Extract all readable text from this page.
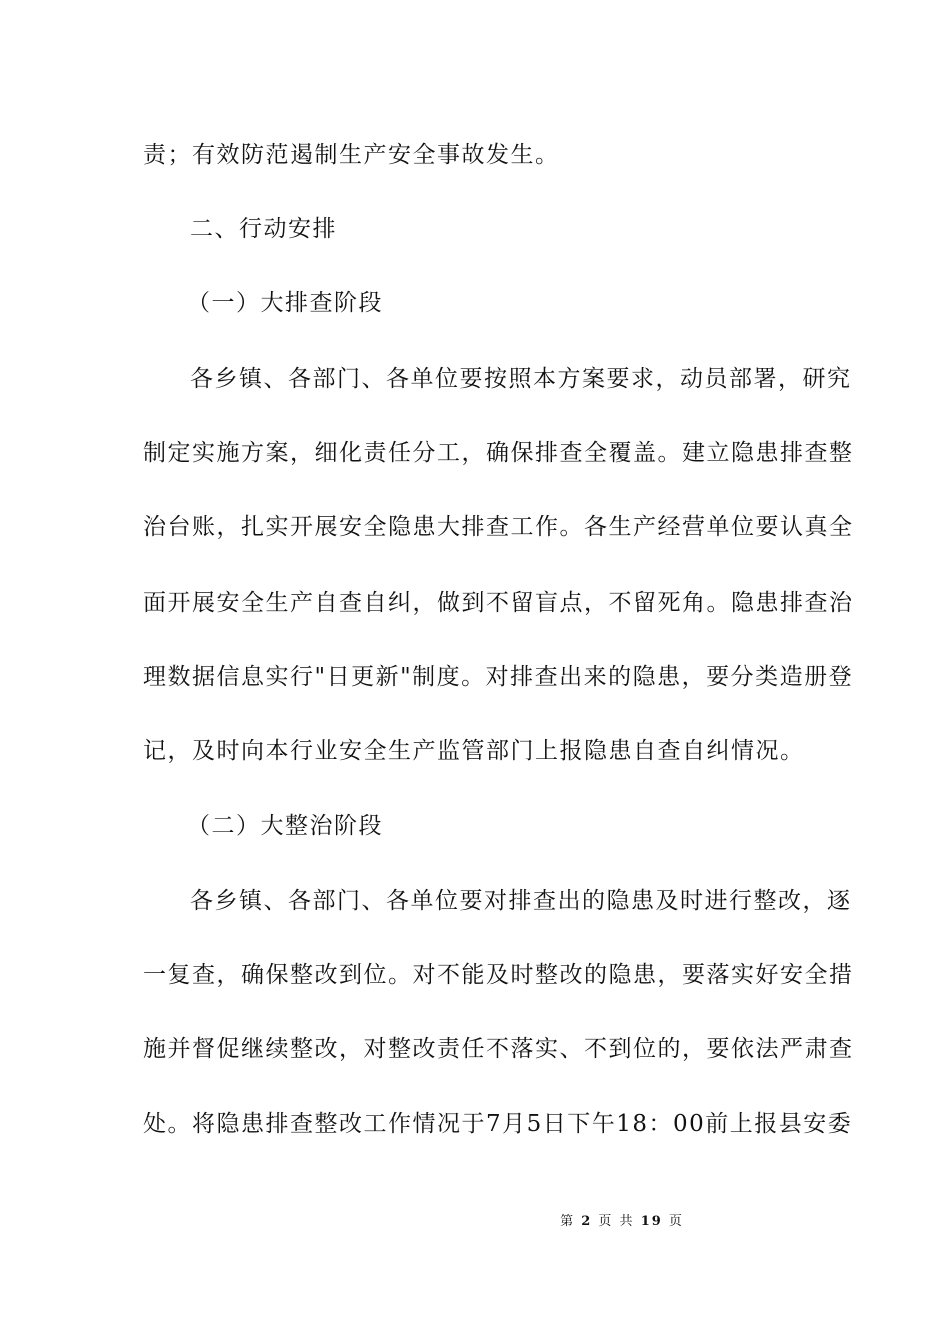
责；有效防范遏制生产安全事故发生。
二、行动安排
（一）大排查阶段
各乡镇、各部门、各单位要按照本方案要求，动员部署，研究
制定实施方案，细化责任分工，确保排查全覆盖。建立隐患排查整
治台账，扎实开展安全隐患大排查工作。各生产经营单位要认真全
面开展安全生产自查自纠，做到不留盲点，不留死角。隐患排查治
理数据信息实行"日更新"制度。对排查出来的隐患，要分类造册登
记，及时向本行业安全生产监管部门上报隐患自查自纠情况。
（二）大整治阶段
各乡镇、各部门、各单位要对排查出的隐患及时进行整改，逐
一复查，确保整改到位。对不能及时整改的隐患，要落实好安全措
施并督促继续整改，对整改责任不落实、不到位的，要依法严肃查
处。将隐患排查整改工作情况于7月5日下午18：00前上报县安委
第 2 页 共 19 页
